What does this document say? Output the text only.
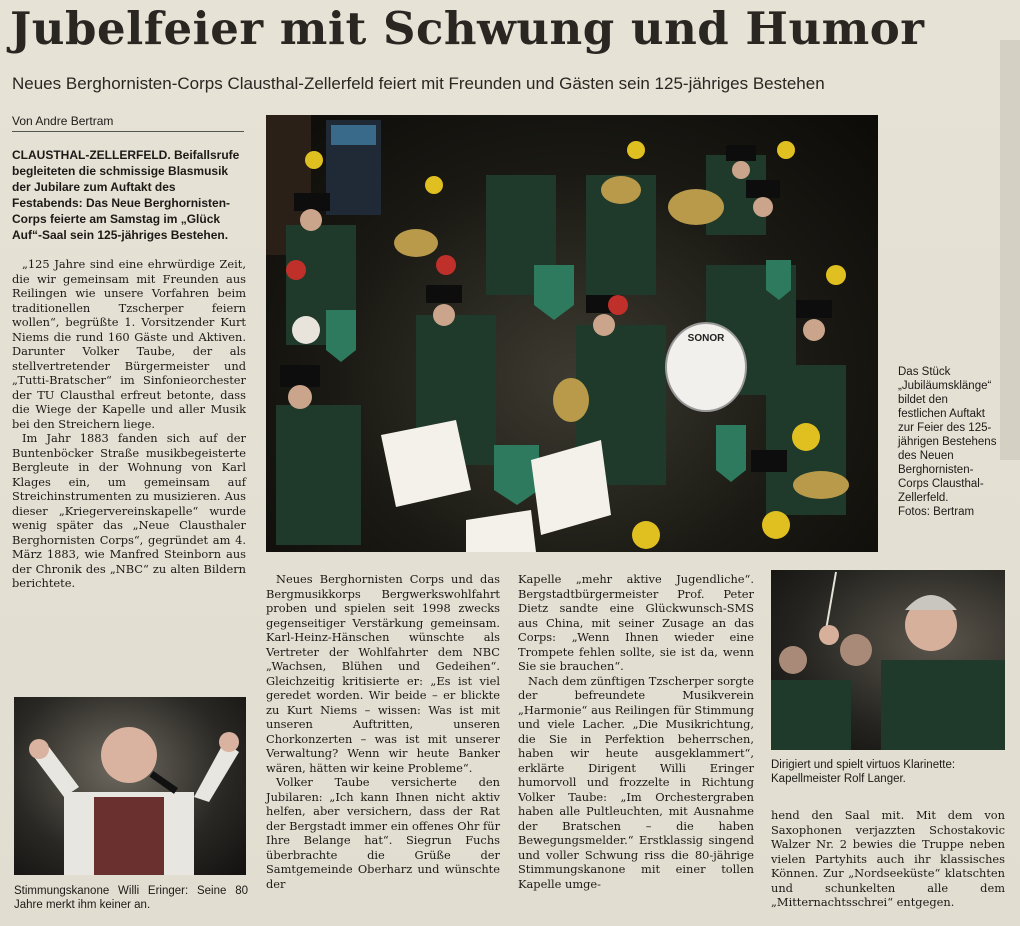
Jubelfeier mit Schwung und Humor
Neues Berghornisten-Corps Clausthal-Zellerfeld feiert mit Freunden und Gästen sein 125-jähriges Bestehen
Von Andre Bertram
CLAUSTHAL-ZELLERFELD. Beifallsrufe begleiteten die schmissige Blasmusik der Jubilare zum Auftakt des Festabends: Das Neue Berghornisten-Corps feierte am Samstag im „Glück Auf“-Saal sein 125-jähriges Bestehen.

„125 Jahre sind eine ehrwürdige Zeit, die wir gemeinsam mit Freunden aus Reilingen wie unsere Vorfahren beim traditionellen Tzscherper feiern wollen“, begrüßte 1. Vorsitzender Kurt Niems die rund 160 Gäste und Aktiven. Darunter Volker Taube, der als stellvertretender Bürgermeister und „Tutti-Bratscher“ im Sinfonieorchester der TU Clausthal erfreut betonte, dass die Wiege der Kapelle und aller Musik bei den Streichern liege.

Im Jahr 1883 fanden sich auf der Buntenböcker Straße musikbegeisterte Bergleute in der Wohnung von Karl Klages ein, um gemeinsam auf Streichinstrumenten zu musizieren. Aus dieser „Kriegervereinskapelle“ wurde wenig später das „Neue Clausthaler Berghornisten Corps“, gegründet am 4. März 1883, wie Manfred Steinborn aus der Chronik des „NBC“ zu alten Bildern berichtete.

SONOR
Das Stück „Jubiläumsklänge“ bildet den festlichen Auftakt zur Feier des 125-jährigen Bestehens des Neuen Berghornisten-Corps Clausthal-Zellerfeld.
Fotos: Bertram
Stimmungskanone Willi Eringer: Seine 80 Jahre merkt ihm keiner an.

Neues Berghornisten Corps und das Bergmusikkorps Bergwerkswohlfahrt proben und spielen seit 1998 zwecks gegenseitiger Verstärkung gemeinsam. Karl-Heinz-Hänschen wünschte als Vertreter der Wohlfahrter dem NBC „Wachsen, Blühen und Gedeihen“. Gleichzeitig kritisierte er: „Es ist viel geredet worden. Wir beide – er blickte zu Kurt Niems – wissen: Was ist mit unseren Auftritten, unseren Chorkonzerten – was ist mit unserer Verwaltung? Wenn wir heute Banker wären, hätten wir keine Probleme“.

Volker Taube versicherte den Jubilaren: „Ich kann Ihnen nicht aktiv helfen, aber versichern, dass der Rat der Bergstadt immer ein offenes Ohr für Ihre Belange hat“. Siegrun Fuchs überbrachte die Grüße der Samtgemeinde Oberharz und wünschte der

Kapelle „mehr aktive Jugendliche“. Bergstadtbürgermeister Prof. Peter Dietz sandte eine Glückwunsch-SMS aus China, mit seiner Zusage an das Corps: „Wenn Ihnen wieder eine Trompete fehlen sollte, sie ist da, wenn Sie sie brauchen“.

Nach dem zünftigen Tzscherper sorgte der befreundete Musikverein „Harmonie“ aus Reilingen für Stimmung und viele Lacher. „Die Musikrichtung, die Sie in Perfektion beherrschen, haben wir heute ausgeklammert“, erklärte Dirigent Willi Eringer humorvoll und frozzelte in Richtung Volker Taube: „Im Orchestergraben haben alle Pultleuchten, mit Ausnahme der Bratschen – die haben Bewegungsmelder.“ Erstklassig singend und voller Schwung riss die 80-jährige Stimmungskanone mit einer tollen Kapelle umge-

Dirigiert und spielt virtuos Klarinette: Kapellmeister Rolf Langer.

hend den Saal mit. Mit dem von Saxophonen verjazzten Schostakovic Walzer Nr. 2 bewies die Truppe neben vielen Partyhits auch ihr klassisches Können. Zur „Nordseeküste“ klatschten und schunkelten alle dem „Mitternachtsschrei“ entgegen.
